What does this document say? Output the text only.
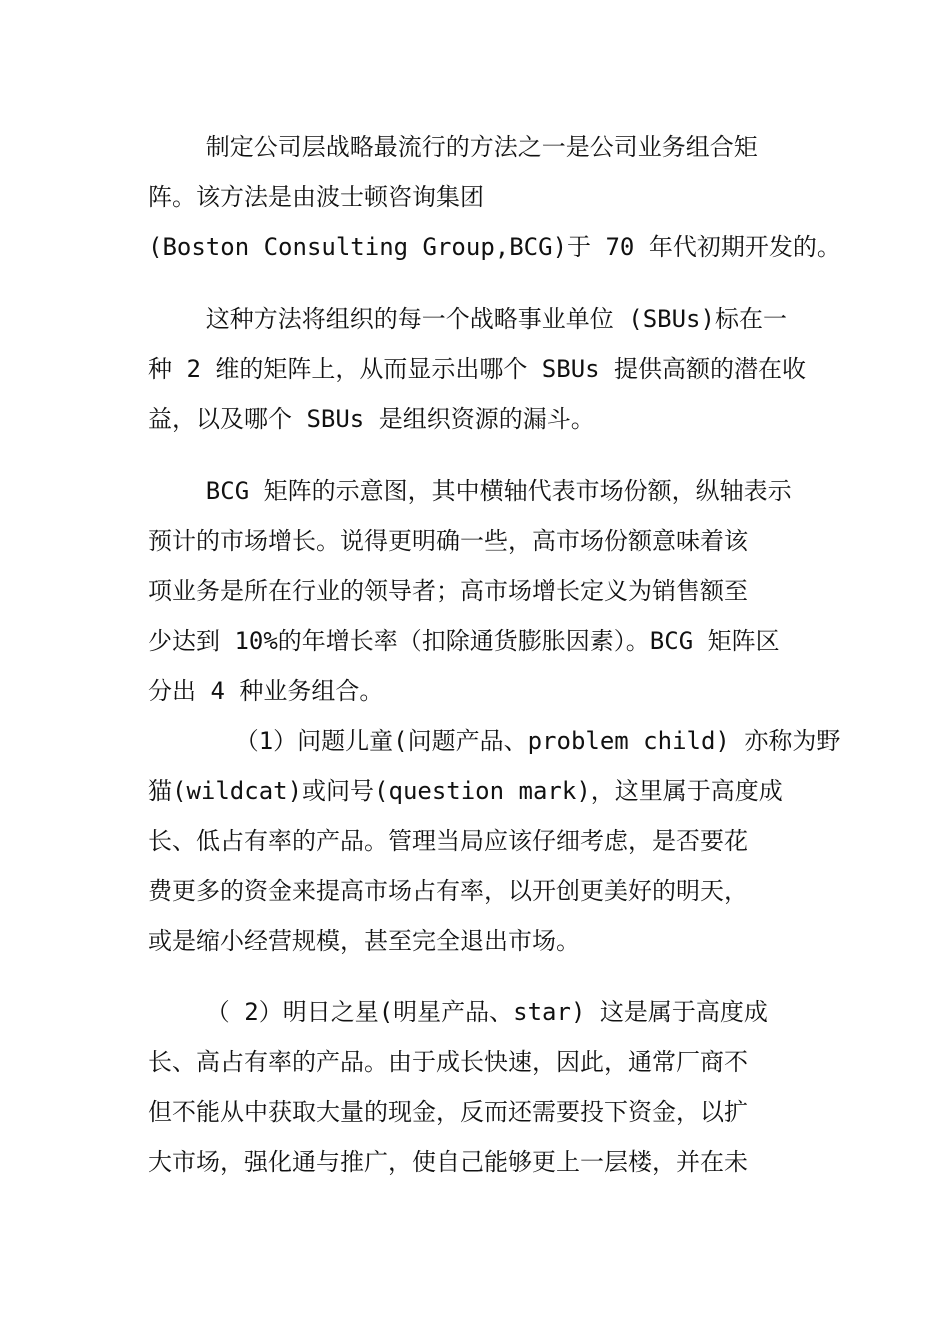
制定公司层战略最流行的方法之一是公司业务组合矩
阵。该方法是由波士顿咨询集团
(Boston Consulting Group,BCG)于 70 年代初期开发的。
这种方法将组织的每一个战略事业单位 (SBUs)标在一
种 2 维的矩阵上，从而显示出哪个 SBUs 提供高额的潜在收
益，以及哪个 SBUs 是组织资源的漏斗。
BCG 矩阵的示意图，其中横轴代表市场份额，纵轴表示
预计的市场增长。说得更明确一些，高市场份额意味着该
项业务是所在行业的领导者；高市场增长定义为销售额至
少达到 10%的年增长率（扣除通货膨胀因素）。BCG 矩阵区
分出 4 种业务组合。
（1）问题儿童(问题产品、problem child) 亦称为野
猫(wildcat)或问号(question mark)，这里属于高度成
长、低占有率的产品。管理当局应该仔细考虑，是否要花
费更多的资金来提高市场占有率，以开创更美好的明天，
或是缩小经营规模，甚至完全退出市场。
（ 2）明日之星(明星产品、star) 这是属于高度成
长、高占有率的产品。由于成长快速，因此，通常厂商不
但不能从中获取大量的现金，反而还需要投下资金，以扩
大市场，强化通与推广，使自己能够更上一层楼，并在未
